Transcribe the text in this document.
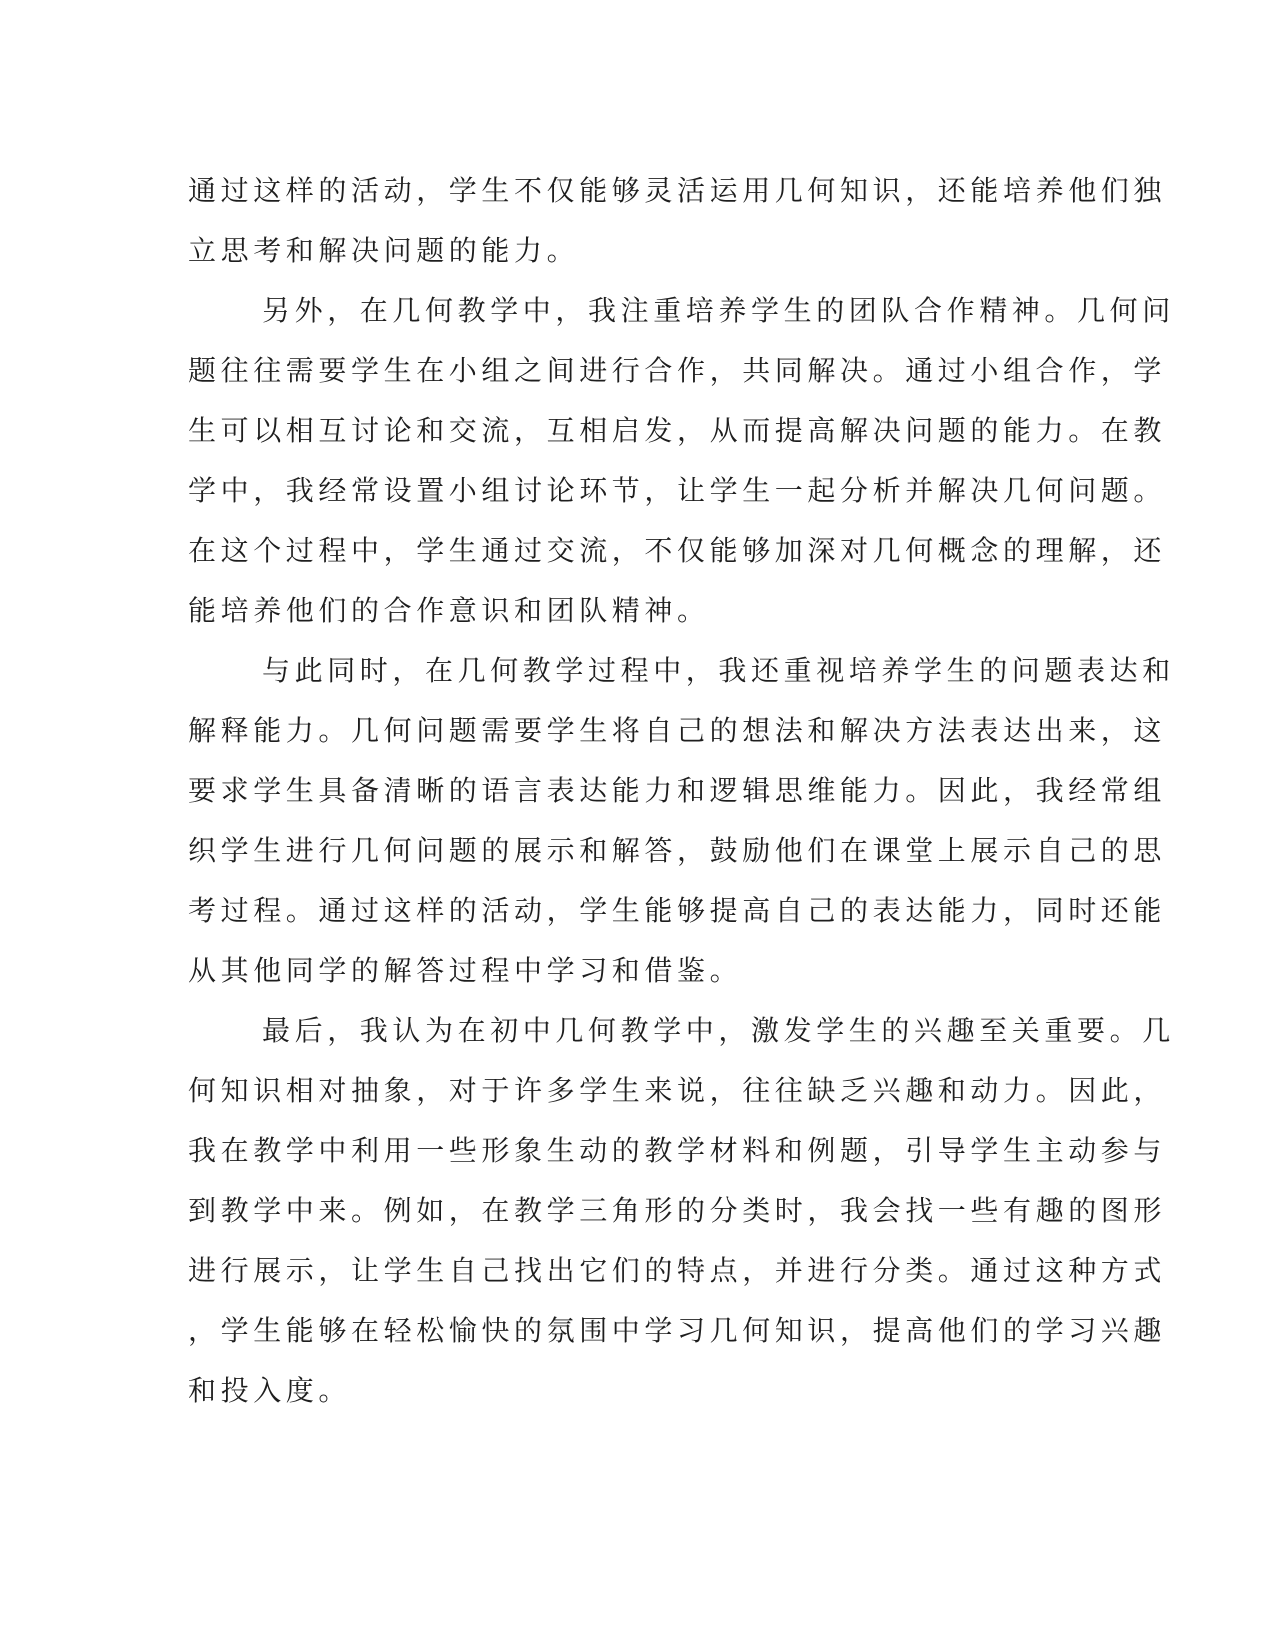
通过这样的活动，学生不仅能够灵活运用几何知识，还能培养他们独
立思考和解决问题的能力。
另外，在几何教学中，我注重培养学生的团队合作精神。几何问
题往往需要学生在小组之间进行合作，共同解决。通过小组合作，学
生可以相互讨论和交流，互相启发，从而提高解决问题的能力。在教
学中，我经常设置小组讨论环节，让学生一起分析并解决几何问题。
在这个过程中，学生通过交流，不仅能够加深对几何概念的理解，还
能培养他们的合作意识和团队精神。
与此同时，在几何教学过程中，我还重视培养学生的问题表达和
解释能力。几何问题需要学生将自己的想法和解决方法表达出来，这
要求学生具备清晰的语言表达能力和逻辑思维能力。因此，我经常组
织学生进行几何问题的展示和解答，鼓励他们在课堂上展示自己的思
考过程。通过这样的活动，学生能够提高自己的表达能力，同时还能
从其他同学的解答过程中学习和借鉴。
最后，我认为在初中几何教学中，激发学生的兴趣至关重要。几
何知识相对抽象，对于许多学生来说，往往缺乏兴趣和动力。因此，
我在教学中利用一些形象生动的教学材料和例题，引导学生主动参与
到教学中来。例如，在教学三角形的分类时，我会找一些有趣的图形
进行展示，让学生自己找出它们的特点，并进行分类。通过这种方式
，学生能够在轻松愉快的氛围中学习几何知识，提高他们的学习兴趣
和投入度。
